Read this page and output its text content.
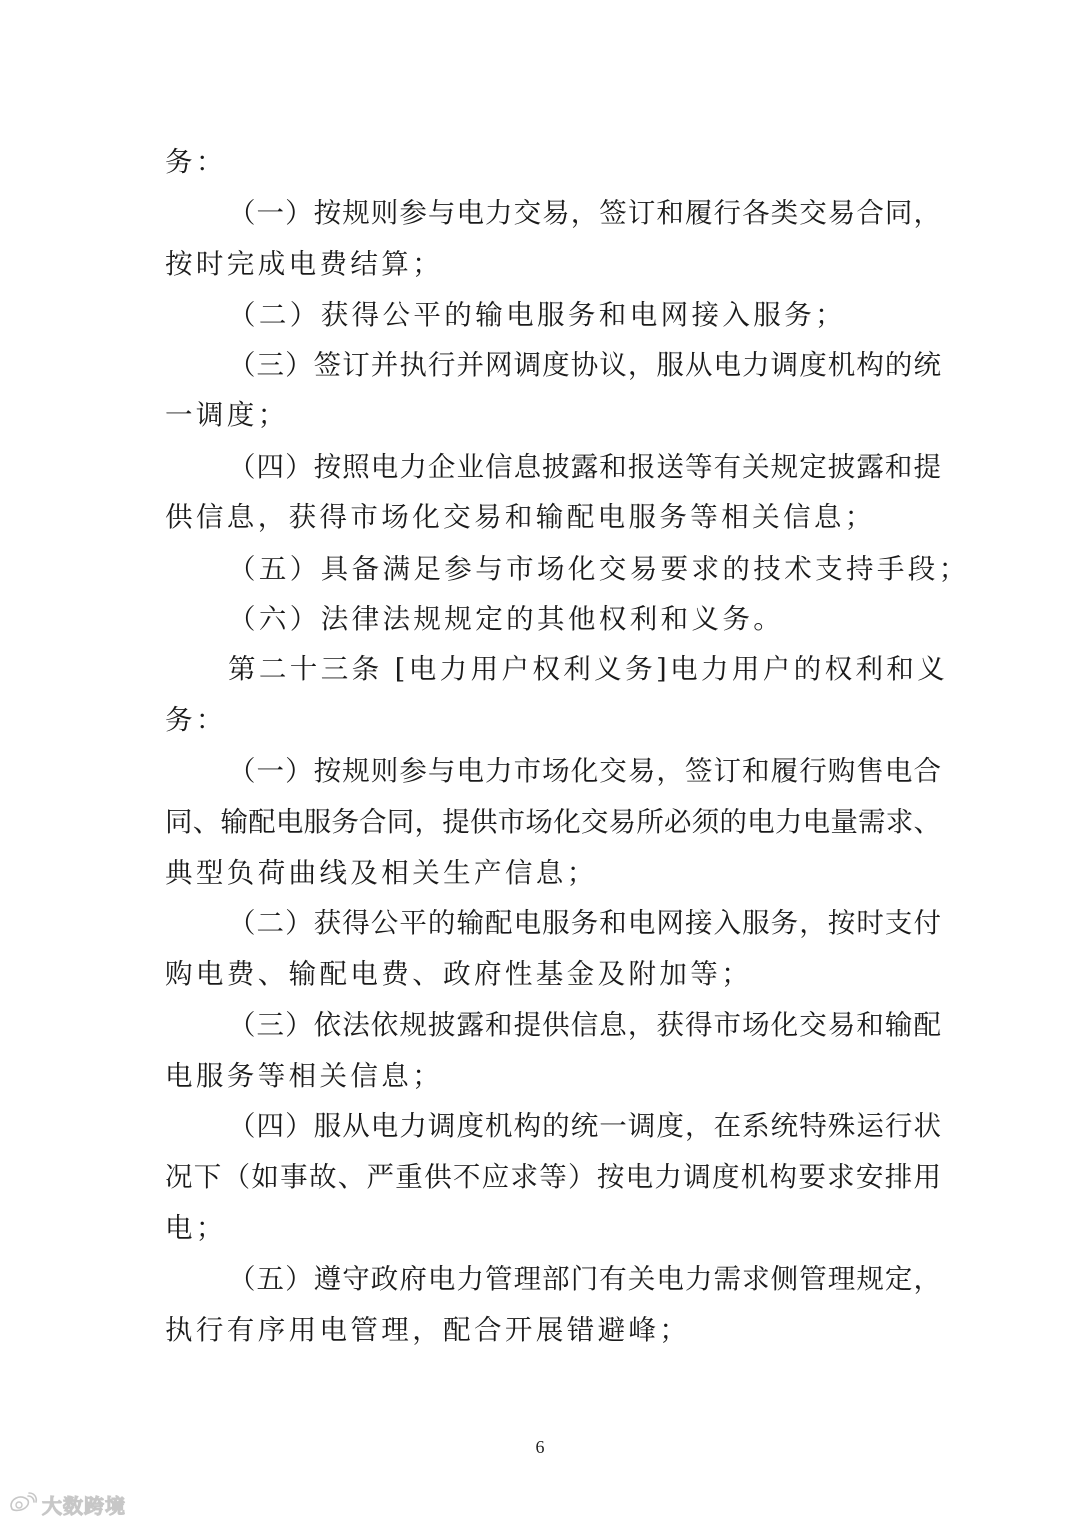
务：
（一）按规则参与电力交易，签订和履行各类交易合同，
按时完成电费结算；
（二）获得公平的输电服务和电网接入服务；
（三）签订并执行并网调度协议，服从电力调度机构的统
一调度；
（四）按照电力企业信息披露和报送等有关规定披露和提
供信息，获得市场化交易和输配电服务等相关信息；
（五）具备满足参与市场化交易要求的技术支持手段；
（六）法律法规规定的其他权利和义务。
第二十三条 [电力用户权利义务]电力用户的权利和义
务：
（一）按规则参与电力市场化交易，签订和履行购售电合
同、输配电服务合同，提供市场化交易所必须的电力电量需求、
典型负荷曲线及相关生产信息；
（二）获得公平的输配电服务和电网接入服务，按时支付
购电费、输配电费、政府性基金及附加等；
（三）依法依规披露和提供信息，获得市场化交易和输配
电服务等相关信息；
（四）服从电力调度机构的统一调度，在系统特殊运行状
况下（如事故、严重供不应求等）按电力调度机构要求安排用
电；
（五）遵守政府电力管理部门有关电力需求侧管理规定，
执行有序用电管理，配合开展错避峰；
6
大数跨境
